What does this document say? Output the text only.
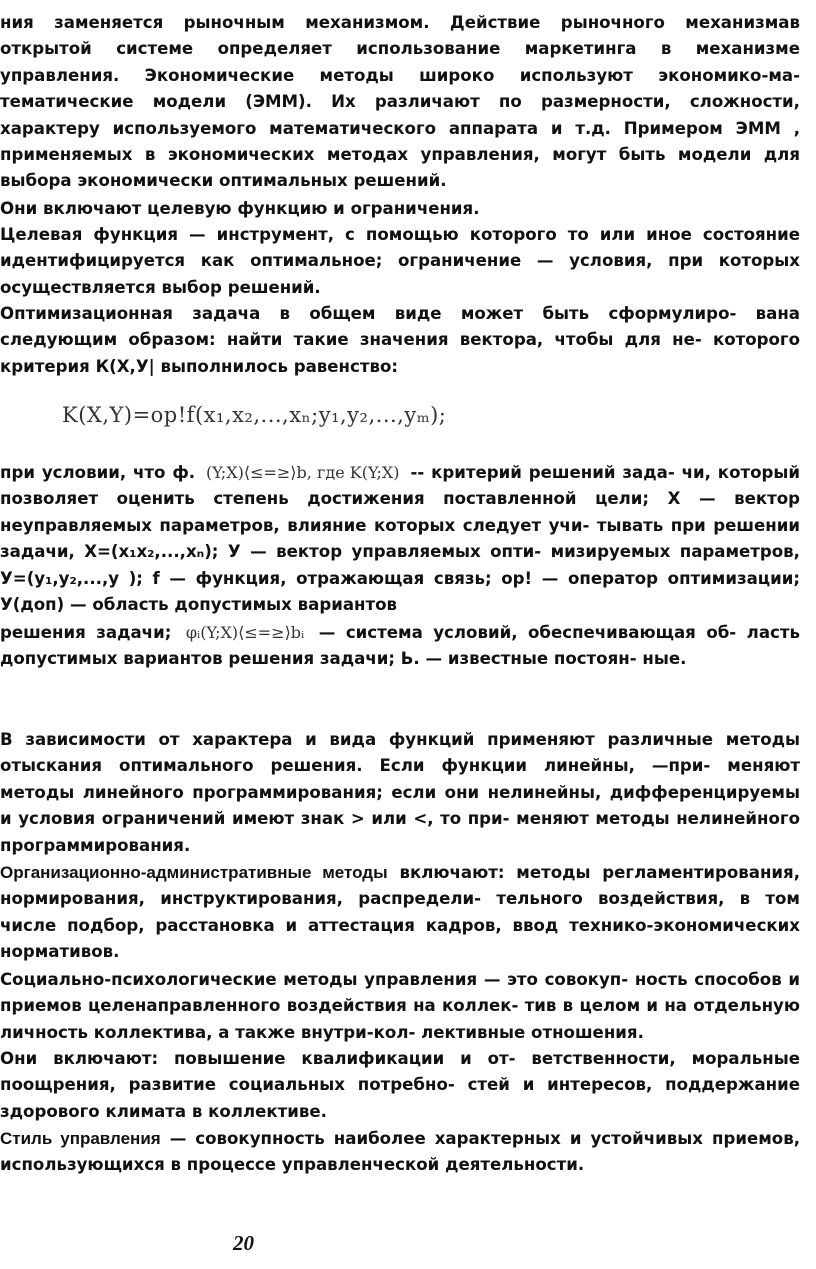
ния заменяется рыночным механизмом. Действие рыночного механизмав открытой системе определяет использование маркетинга в механизме управления. Экономические методы широко используют экономико-ма- тематические модели (ЭММ). Их различают по размерности, сложности, характеру используемого математического аппарата и т.д. Примером ЭММ , применяемых в экономических методах управления, могут быть модели для выбора экономически оптимальных решений.

Они включают целевую функцию и ограничения.

Целевая функция — инструмент, с помощью которого то или иное состояние идентифицируется как оптимальное; ограничение — условия, при которых осуществляется выбор решений.

Оптимизационная задача в общем виде может быть сформулиро- вана следующим образом: найти такие значения вектора, чтобы для не- которого критерия К(Х,У| выполнилось равенство:

K(X,Y)=op!f(x₁,x₂,...,xₙ;y₁,y₂,...,yₘ);

при условии, что ф. (Y;X)⟨≤=≥⟩b, где K(Y;X) -- критерий решений зада- чи, который позволяет оценить степень достижения поставленной цели; X — вектор неуправляемых параметров, влияние которых следует учи- тывать при решении задачи, X=(x₁x₂,...,xₙ); У — вектор управляемых опти- мизируемых параметров, У=(у₁,у₂,...,у ); f — функция, отражающая связь; ор! — оператор оптимизации; У(доп) — область допустимых вариантов

решения задачи; φᵢ(Y;X)⟨≤=≥⟩bᵢ — система условий, обеспечивающая об- ласть допустимых вариантов решения задачи; Ь. — известные постоян- ные.

В зависимости от характера и вида функций применяют различные методы отыскания оптимального решения. Если функции линейны, —при- меняют методы линейного программирования; если они нелинейны, дифференцируемы и условия ограничений имеют знак > или <, то при- меняют методы нелинейного программирования.

Организационно-административные методы включают: методы регламентирования, нормирования, инструктирования, распредели- тельного воздействия, в том числе подбор, расстановка и аттестация кадров, ввод технико-экономических нормативов.

Социально-психологические методы управления — это совокуп- ность способов и приемов целенаправленного воздействия на коллек- тив в целом и на отдельную личность коллектива, а также внутри-кол- лективные отношения.

Они включают: повышение квалификации и от- ветственности, моральные поощрения, развитие социальных потребно- стей и интересов, поддержание здорового климата в коллективе.

Стиль управления — совокупность наиболее характерных и устойчивых приемов, использующихся в процессе управленческой деятельности.

20
